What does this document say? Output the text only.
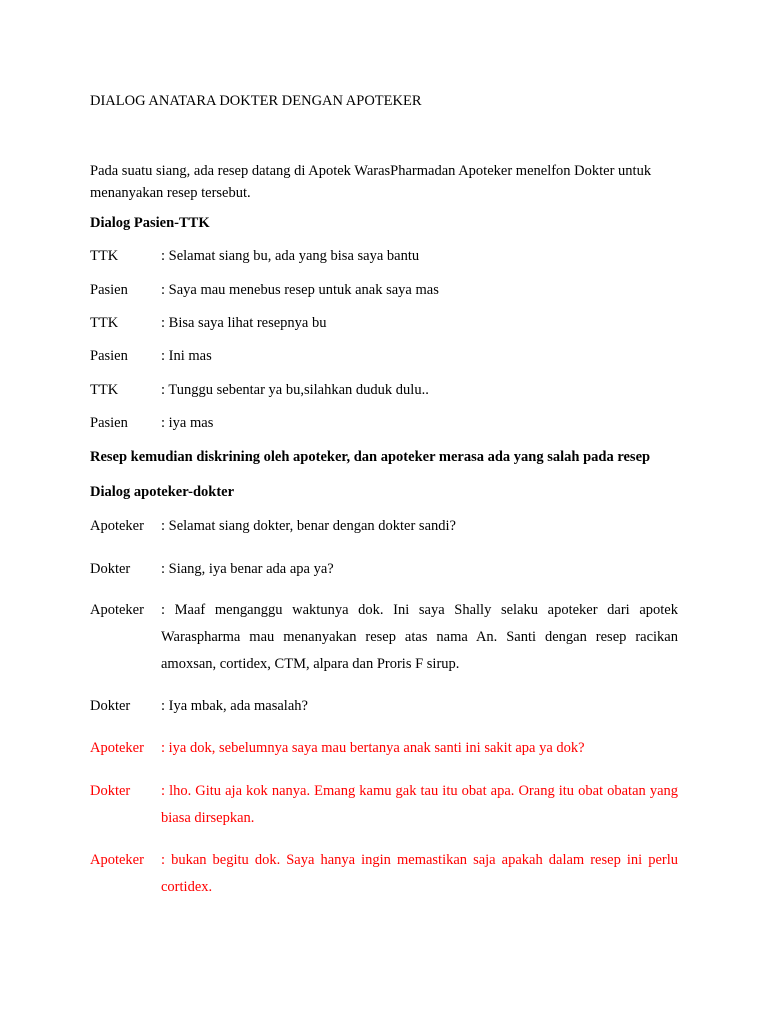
DIALOG ANATARA DOKTER DENGAN APOTEKER
Pada suatu siang, ada resep datang di Apotek WarasPharmadan Apoteker menelfon Dokter untuk menanyakan resep tersebut.
Dialog Pasien-TTK
TTK	: Selamat siang bu, ada yang bisa saya bantu
Pasien : Saya mau menebus resep untuk anak saya mas
TTK	: Bisa saya lihat resepnya bu
Pasien : Ini mas
TTK	: Tunggu sebentar ya bu,silahkan duduk dulu..
Pasien : iya mas
Resep kemudian diskrining oleh apoteker, dan apoteker merasa ada yang salah pada resep
Dialog apoteker-dokter
Apoteker : Selamat siang dokter, benar dengan dokter sandi?
Dokter : Siang, iya benar ada apa ya?
Apoteker : Maaf menganggu waktunya dok. Ini saya Shally selaku apoteker dari apotek Waraspharma mau menanyakan resep atas nama An. Santi dengan resep racikan amoxsan, cortidex, CTM, alpara dan Proris F sirup.
Dokter : Iya mbak, ada masalah?
Apoteker : iya dok, sebelumnya saya mau bertanya anak santi ini sakit apa ya dok?
Dokter : lho. Gitu aja kok nanya. Emang kamu gak tau itu obat apa. Orang itu obat obatan yang biasa dirsepkan.
Apoteker : bukan begitu dok. Saya hanya ingin memastikan saja apakah dalam resep ini perlu cortidex.
